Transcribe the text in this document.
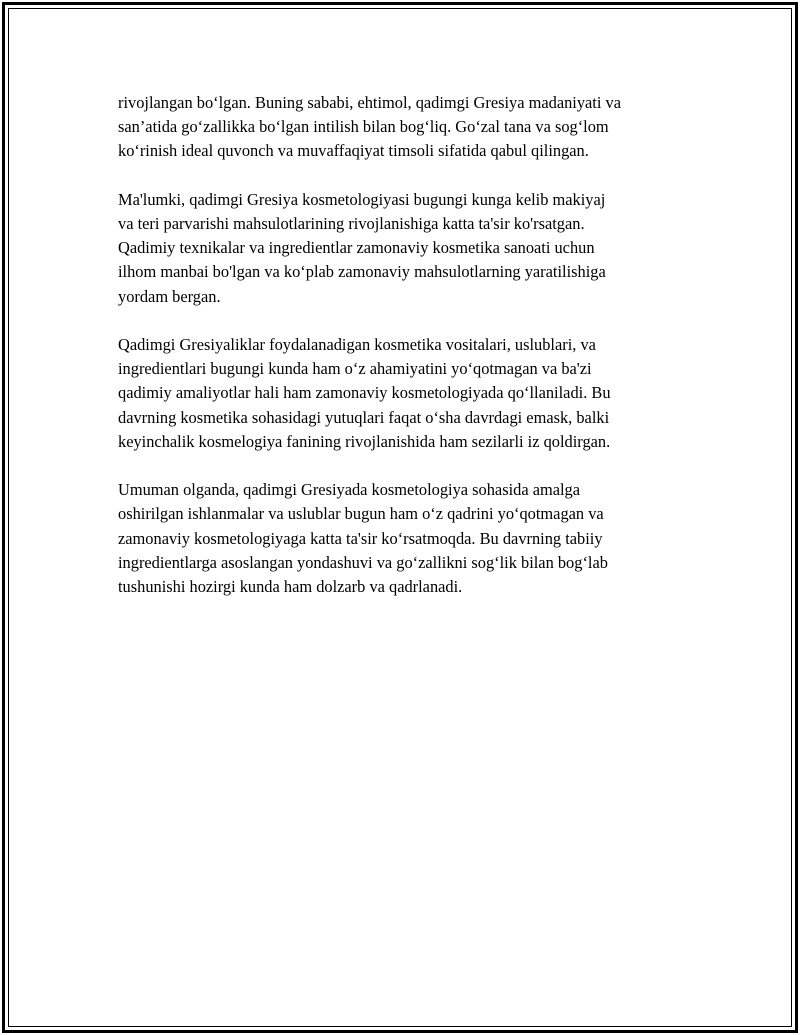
rivojlangan bo‘lgan. Buning sababi, ehtimol, qadimgi Gresiya madaniyati va
san’atida go‘zallikka bo‘lgan intilish bilan bog‘liq. Go‘zal tana va sog‘lom
ko‘rinish ideal quvonch va muvaffaqiyat timsoli sifatida qabul qilingan.

Ma'lumki, qadimgi Gresiya kosmetologiyasi bugungi kunga kelib makiyaj
va teri parvarishi mahsulotlarining rivojlanishiga katta ta'sir ko'rsatgan.
Qadimiy texnikalar va ingredientlar zamonaviy kosmetika sanoati uchun
ilhom manbai bo'lgan va ko‘plab zamonaviy mahsulotlarning yaratilishiga
yordam bergan.

Qadimgi Gresiyaliklar foydalanadigan kosmetika vositalari, uslublari, va
ingredientlari bugungi kunda ham o‘z ahamiyatini yo‘qotmagan va ba'zi
qadimiy amaliyotlar hali ham zamonaviy kosmetologiyada qo‘llaniladi. Bu
davrning kosmetika sohasidagi yutuqlari faqat o‘sha davrdagi emask, balki
keyinchalik kosmelogiya fanining rivojlanishida ham sezilarli iz qoldirgan.

Umuman olganda, qadimgi Gresiyada kosmetologiya sohasida amalga
oshirilgan ishlanmalar va uslublar bugun ham o‘z qadrini yo‘qotmagan va
zamonaviy kosmetologiyaga katta ta'sir ko‘rsatmoqda. Bu davrning tabiiy
ingredientlarga asoslangan yondashuvi va go‘zallikni sog‘lik bilan bog‘lab
tushunishi hozirgi kunda ham dolzarb va qadrlanadi.
